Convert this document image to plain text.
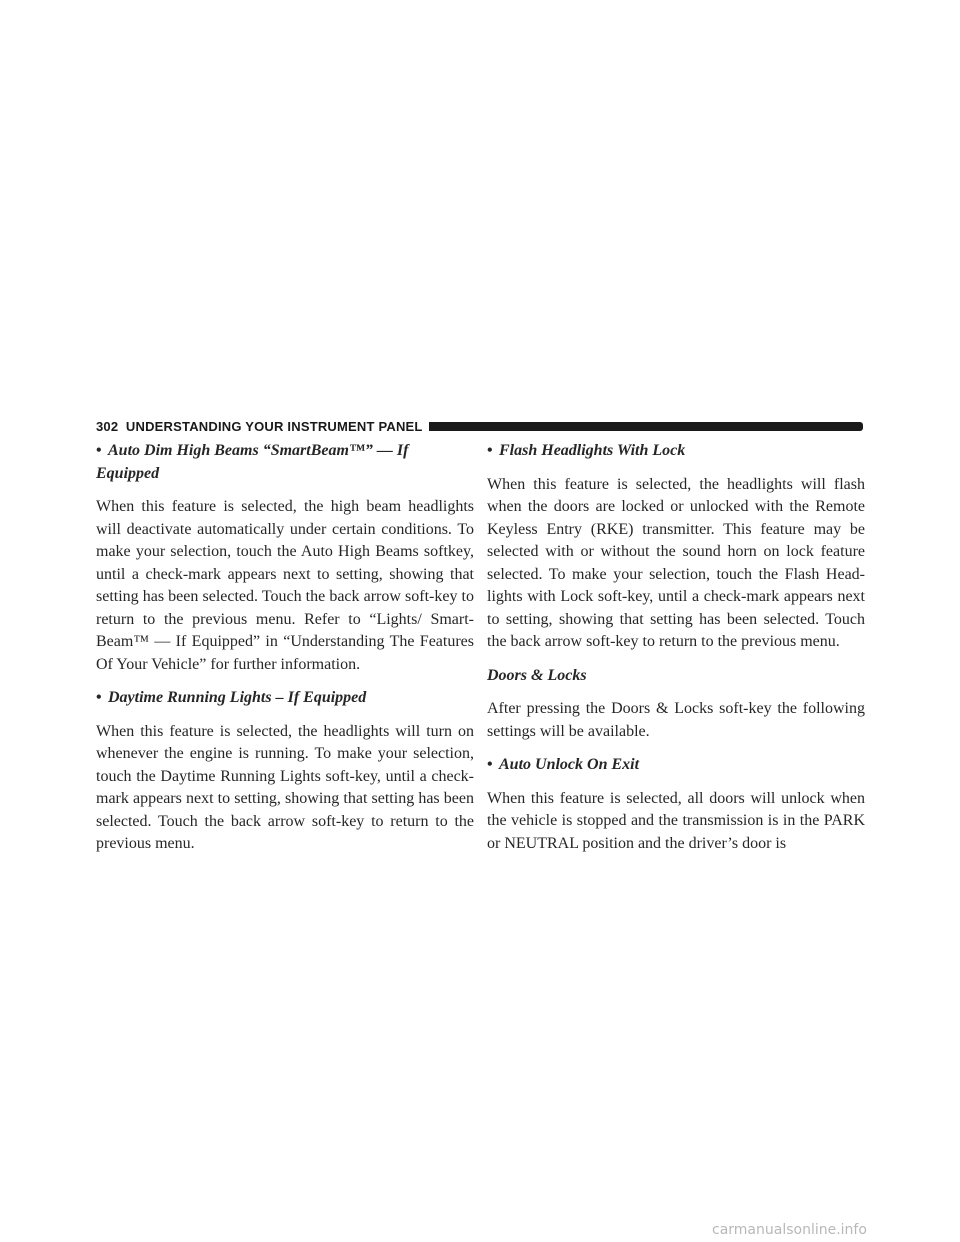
302 UNDERSTANDING YOUR INSTRUMENT PANEL

• Auto Dim High Beams “SmartBeam™” — If Equipped

When this feature is selected, the high beam headlights will deactivate automatically under certain conditions. To make your selection, touch the Auto High Beams softkey, until a check-mark appears next to setting, showing that setting has been selected. Touch the back arrow soft-key to return to the previous menu. Refer to “Lights/ Smart-Beam™ — If Equipped” in “Understanding The Features Of Your Vehicle” for further information.

• Daytime Running Lights – If Equipped

When this feature is selected, the headlights will turn on whenever the engine is running. To make your selection, touch the Daytime Running Lights soft-key, until a check-mark appears next to setting, showing that setting has been selected. Touch the back arrow soft-key to return to the previous menu.

• Flash Headlights With Lock

When this feature is selected, the headlights will flash when the doors are locked or unlocked with the Remote Keyless Entry (RKE) transmitter. This feature may be selected with or without the sound horn on lock feature selected. To make your selection, touch the Flash Head-lights with Lock soft-key, until a check-mark appears next to setting, showing that setting has been selected. Touch the back arrow soft-key to return to the previous menu.

Doors & Locks

After pressing the Doors & Locks soft-key the following settings will be available.

• Auto Unlock On Exit

When this feature is selected, all doors will unlock when the vehicle is stopped and the transmission is in the PARK or NEUTRAL position and the driver’s door is

carmanualsonline.info
